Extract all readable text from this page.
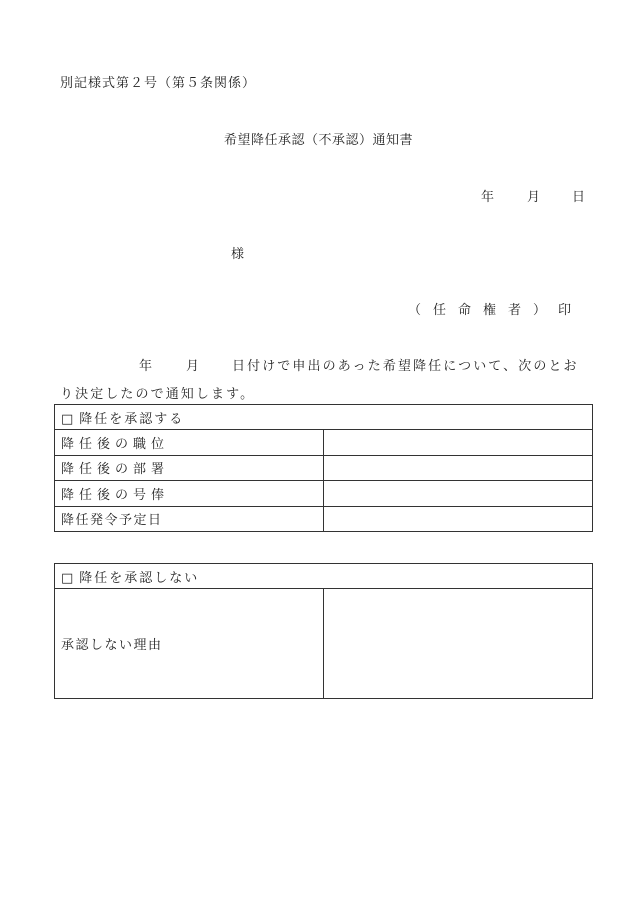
別記様式第２号（第５条関係）
希望降任承認（不承認）通知書
年	月 日
様
（任命権者） 印
年	月	日付けで申出のあった希望降任について、次のとお
り決定したので通知します。
□ 降任を承認する	
降任後の職位	
降任後の部署	
降任後の号俸	
降任発令予定日	
□ 降任を承認しない
承認しない理由	
